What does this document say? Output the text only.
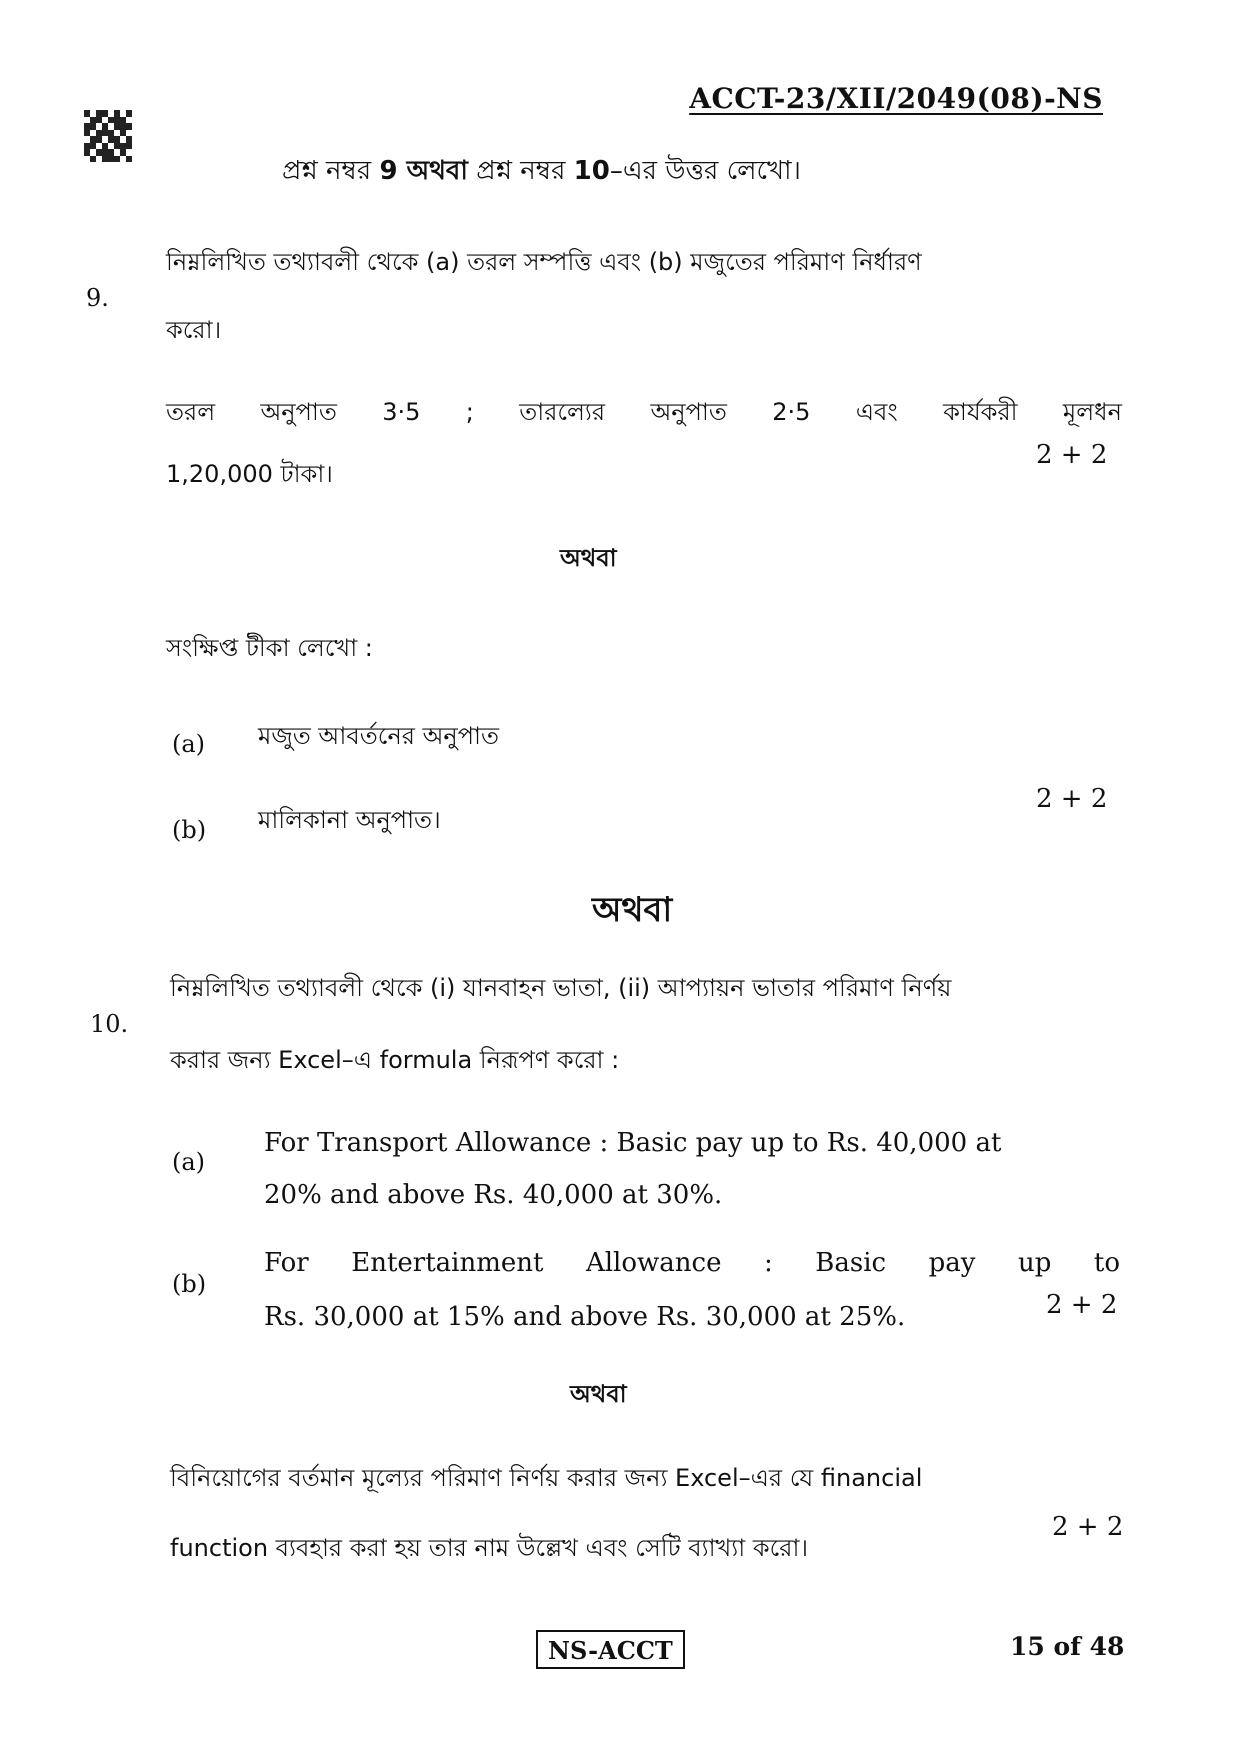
ACCT-23/XII/2049(08)-NS
প্রশ্ন নম্বর 9 অথবা প্রশ্ন নম্বর 10–এর উত্তর লেখো।
9.
নিম্নলিখিত তথ্যাবলী থেকে (a) তরল সম্পত্তি এবং (b) মজুতের পরিমাণ নির্ধারণ
করো।
তরল অনুপাত 3·5 ; তারল্যের অনুপাত 2·5 এবং কার্যকরী মূলধন
1,20,000 টাকা।
2 + 2
অথবা
সংক্ষিপ্ত টীকা লেখো :
(a) মজুত আবর্তনের অনুপাত
(b) মালিকানা অনুপাত।
2 + 2
অথবা
10.
নিম্নলিখিত তথ্যাবলী থেকে (i) যানবাহন ভাতা, (ii) আপ্যায়ন ভাতার পরিমাণ নির্ণয়
করার জন্য Excel–এ formula নিরূপণ করো :
(a)
For Transport Allowance : Basic pay up to Rs. 40,000 at
20% and above Rs. 40,000 at 30%.
(b)
For Entertainment Allowance : Basic pay up to
Rs. 30,000 at 15% and above Rs. 30,000 at 25%.	2 + 2
অথবা
বিনিয়োগের বর্তমান মূল্যের পরিমাণ নির্ণয় করার জন্য Excel–এর যে financial
function ব্যবহার করা হয় তার নাম উল্লেখ এবং সেটি ব্যাখ্যা করো।
2 + 2
NS-ACCT	15 of 48
